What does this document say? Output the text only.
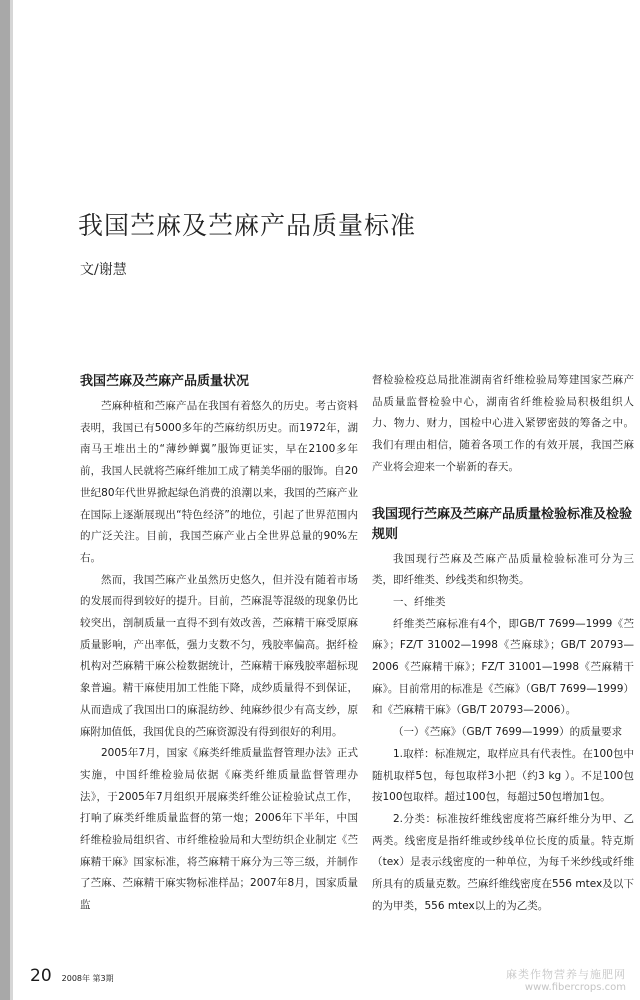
我国苎麻及苎麻产品质量标准
文/谢慧
我国苎麻及苎麻产品质量状况

苎麻种植和苎麻产品在我国有着悠久的历史。考古资料表明，我国已有5000多年的苎麻纺织历史。而1972年，湖南马王堆出土的“薄纱蝉翼”服饰更证实，早在2100多年前，我国人民就将苎麻纤维加工成了精美华丽的服饰。自20世纪80年代世界掀起绿色消费的浪潮以来，我国的苎麻产业在国际上逐渐展现出“特色经济”的地位，引起了世界范围内的广泛关注。目前，我国苎麻产业占全世界总量的90%左右。

然而，我国苎麻产业虽然历史悠久，但并没有随着市场的发展而得到较好的提升。目前，苎麻混等混级的现象仍比较突出，剖制质量一直得不到有效改善，苎麻精干麻受原麻质量影响，产出率低，强力支数不匀，残胶率偏高。据纤检机构对苎麻精干麻公检数据统计，苎麻精干麻残胶率超标现象普遍。精干麻使用加工性能下降，成纱质量得不到保证，从而造成了我国出口的麻混纺纱、纯麻纱很少有高支纱，原麻附加值低，我国优良的苎麻资源没有得到很好的利用。

2005年7月，国家《麻类纤维质量监督管理办法》正式实施，中国纤维检验局依据《麻类纤维质量监督管理办法》，于2005年7月组织开展麻类纤维公证检验试点工作，打响了麻类纤维质量监督的第一炮；2006年下半年，中国纤维检验局组织省、市纤维检验局和大型纺织企业制定《苎麻精干麻》国家标准，将苎麻精干麻分为三等三级，并制作了苎麻、苎麻精干麻实物标准样品；2007年8月，国家质量监

督检验检疫总局批准湖南省纤维检验局筹建国家苎麻产品质量监督检验中心，湖南省纤维检验局积极组织人力、物力、财力，国检中心进入紧锣密鼓的筹备之中。我们有理由相信，随着各项工作的有效开展，我国苎麻产业将会迎来一个崭新的春天。

我国现行苎麻及苎麻产品质量检验标准及检验规则

我国现行苎麻及苎麻产品质量检验标准可分为三类，即纤维类、纱线类和织物类。

一、纤维类

纤维类苎麻标准有4个，即GB/T 7699—1999《苎麻》；FZ/T 31002—1998《苎麻球》；GB/T 20793—2006《苎麻精干麻》；FZ/T 31001—1998《苎麻精干麻》。目前常用的标准是《苎麻》（GB/T 7699—1999）和《苎麻精干麻》（GB/T 20793—2006）。

（一）《苎麻》（GB/T 7699—1999）的质量要求

1.取样：标准规定，取样应具有代表性。在100包中随机取样5包，每包取样3小把（约3 kg ）。不足100包按100包取样。超过100包，每超过50包增加1包。

2.分类：标准按纤维线密度将苎麻纤维分为甲、乙两类。线密度是指纤维或纱线单位长度的质量。特克斯（tex）是表示线密度的一种单位，为每千米纱线或纤维所具有的质量克数。苎麻纤维线密度在556 mtex及以下的为甲类，556 mtex以上的为乙类。

20 2008年 第3期	麻类作物营养与施肥网
www.fibercrops.com
